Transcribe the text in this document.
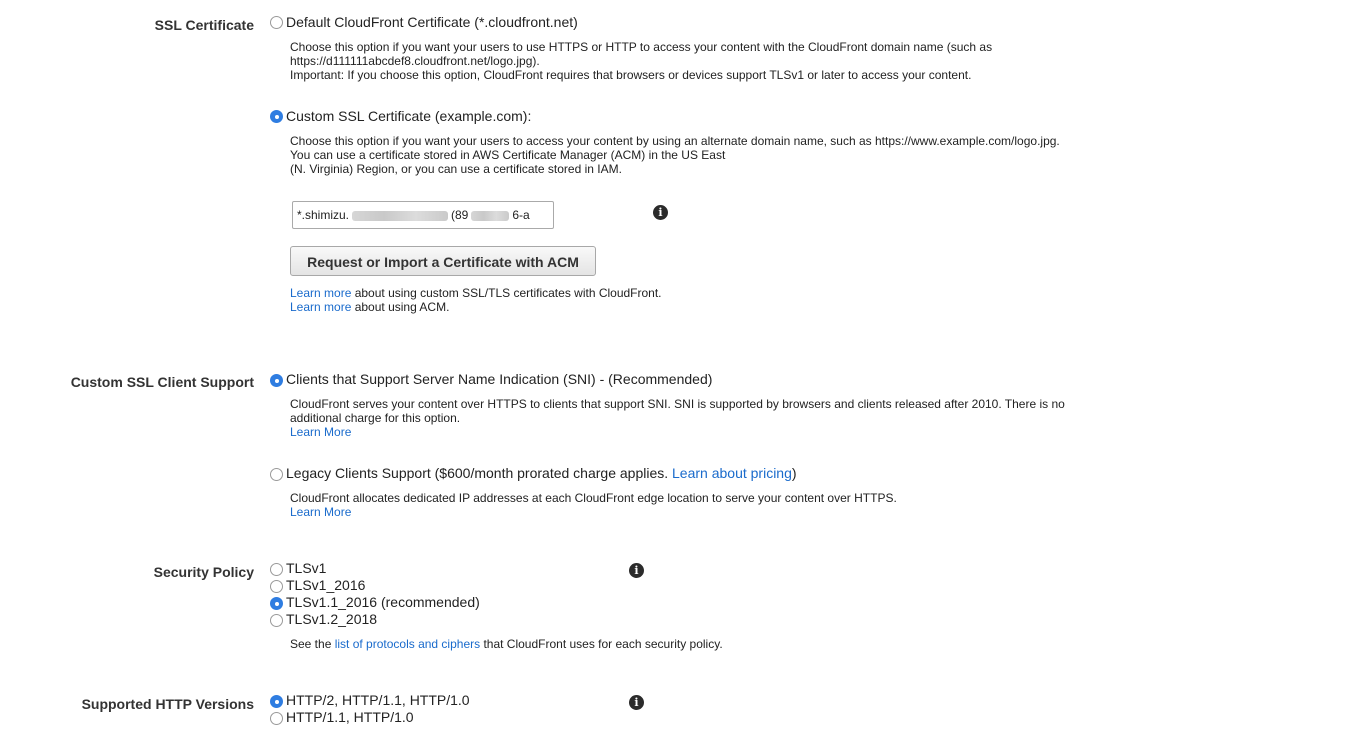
SSL Certificate Default CloudFront Certificate (*.cloudfront.net)
Choose this option if you want your users to use HTTPS or HTTP to access your content with the CloudFront domain name (such as
https://d111111abcdef8.cloudfront.net/logo.jpg).
Important: If you choose this option, CloudFront requires that browsers or devices support TLSv1 or later to access your content.
Custom SSL Certificate (example.com):
Choose this option if you want your users to access your content by using an alternate domain name, such as https://www.example.com/logo.jpg.
You can use a certificate stored in AWS Certificate Manager (ACM) in the US East
(N. Virginia) Region, or you can use a certificate stored in IAM.
*.shimizu.	(89	6-a	i
Request or Import a Certificate with ACM
Learn more about using custom SSL/TLS certificates with CloudFront.
Learn more about using ACM.
Custom SSL Client Support Clients that Support Server Name Indication (SNI) - (Recommended)
CloudFront serves your content over HTTPS to clients that support SNI. SNI is supported by browsers and clients released after 2010. There is no
additional charge for this option.
Learn More
Legacy Clients Support ($600/month prorated charge applies. Learn about pricing)
CloudFront allocates dedicated IP addresses at each CloudFront edge location to serve your content over HTTPS.
Learn More
Security Policy TLSv1
TLSv1_2016
TLSv1.1_2016 (recommended)
TLSv1.2_2018
i
See the list of protocols and ciphers that CloudFront uses for each security policy.
Supported HTTP Versions HTTP/2, HTTP/1.1, HTTP/1.0
HTTP/1.1, HTTP/1.0
i
